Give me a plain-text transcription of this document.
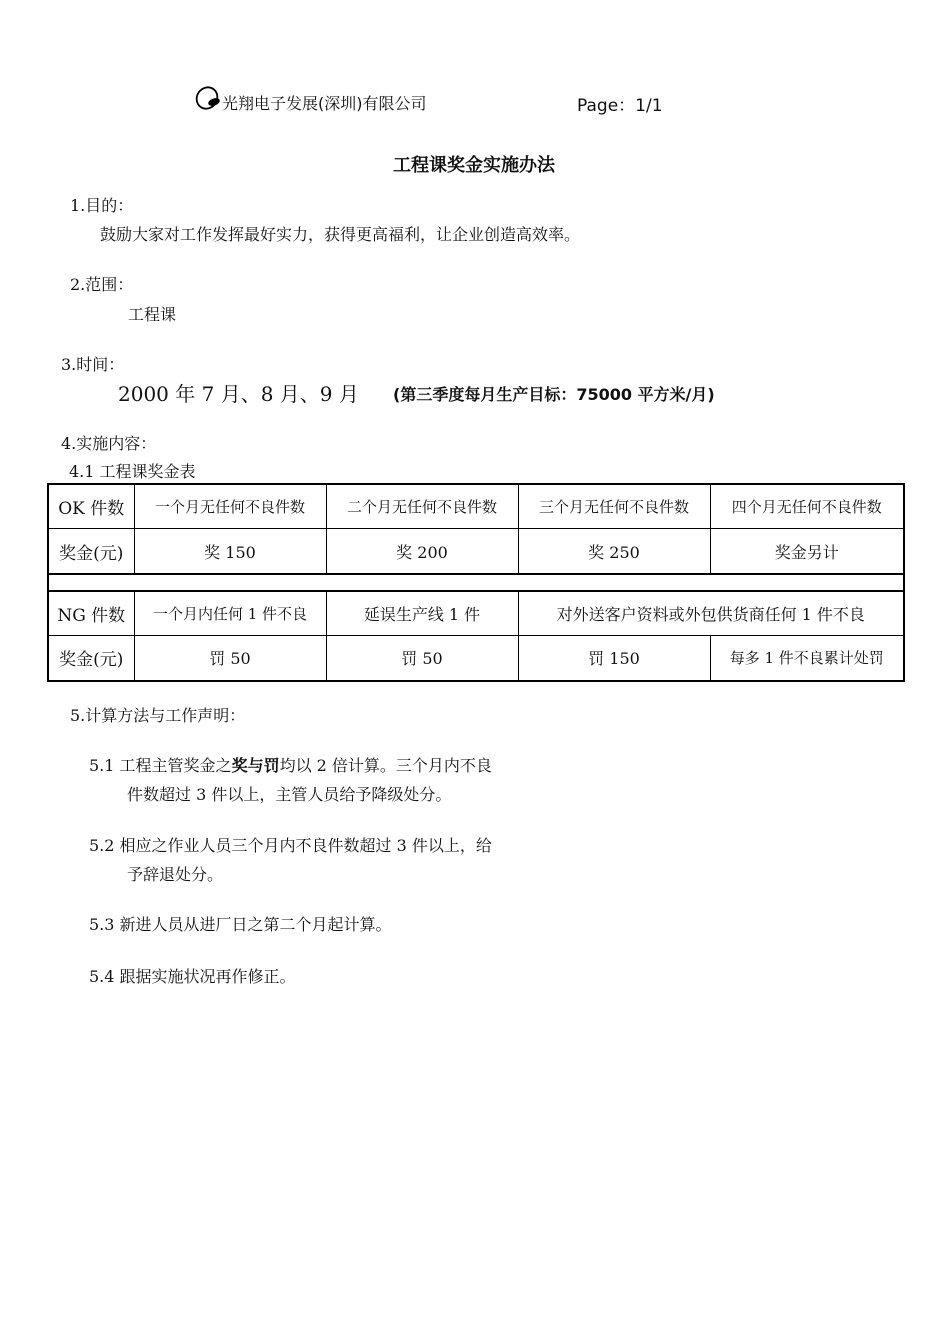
光翔电子发展(深圳)有限公司	Page：1/1
工程课奖金实施办法
1.目的：
鼓励大家对工作发挥最好实力，获得更高福利，让企业创造高效率。
2.范围：
工程课
3.时间：
2000 年 7 月、8 月、9 月 (第三季度每月生产目标：75000 平方米/月)
4.实施内容：
4.1 工程课奖金表
OK 件数	一个月无任何不良件数	二个月无任何不良件数	三个月无任何不良件数	四个月无任何不良件数
奖金(元)	奖 150	奖 200	奖 250	奖金另计

NG 件数	一个月内任何 1 件不良	延误生产线 1 件	对外送客户资料或外包供货商任何 1 件不良	
奖金(元)	罚 50	罚 50	罚 150	每多 1 件不良累计处罚
5.计算方法与工作声明：
5.1 工程主管奖金之奖与罚均以 2 倍计算。三个月内不良
件数超过 3 件以上，主管人员给予降级处分。
5.2 相应之作业人员三个月内不良件数超过 3 件以上，给
予辞退处分。
5.3 新进人员从进厂日之第二个月起计算。
5.4 跟据实施状况再作修正。
